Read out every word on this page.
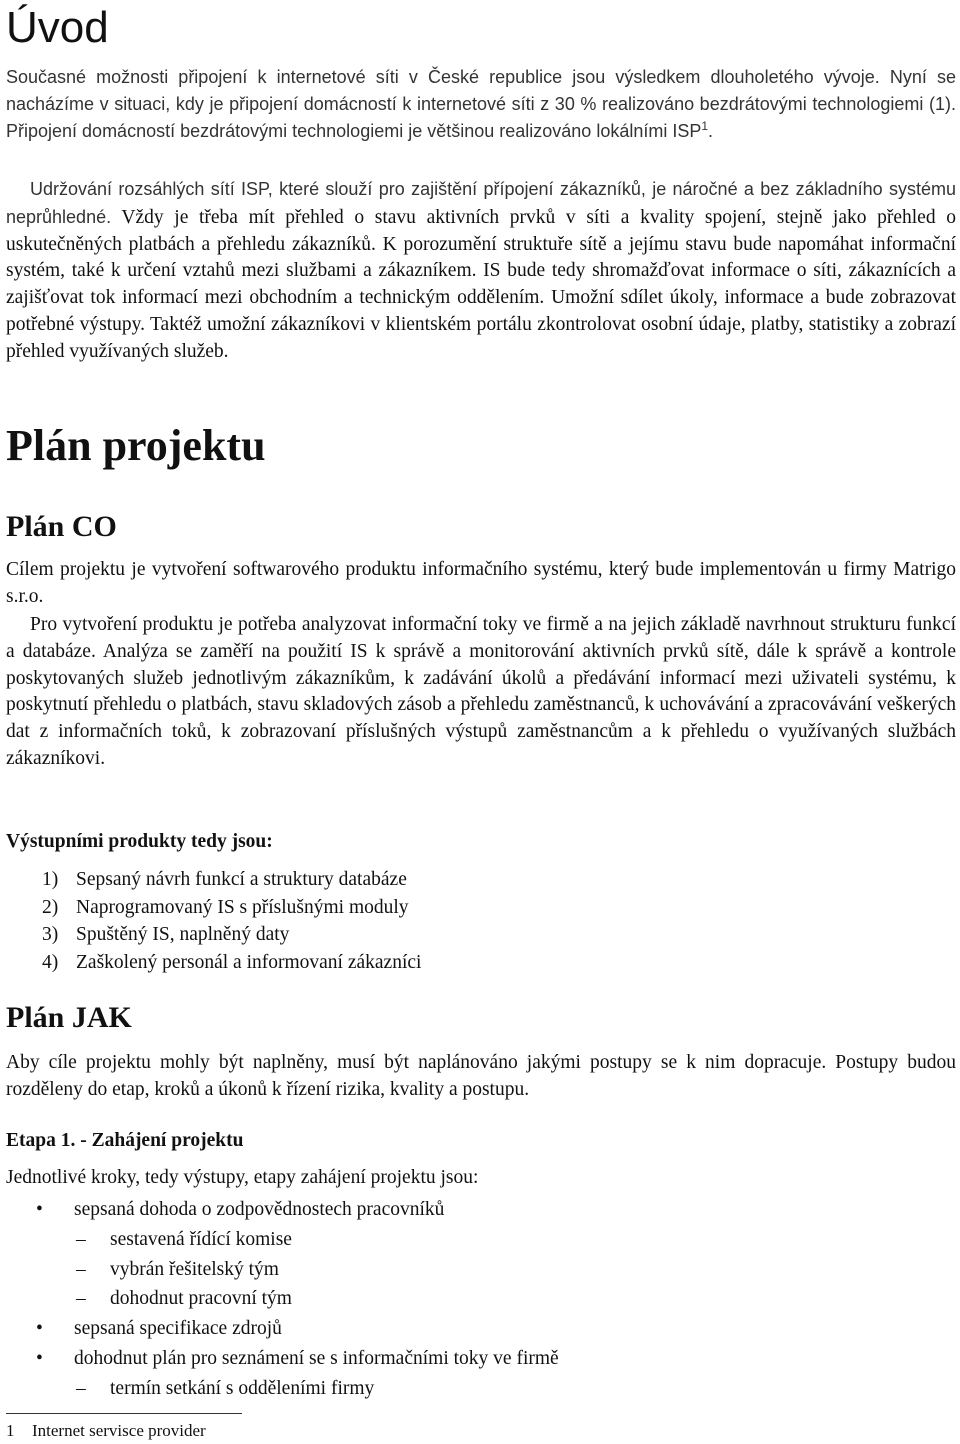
Úvod

Současné možnosti připojení k internetové síti v České republice jsou výsledkem dlouholetého vývoje. Nyní se nacházíme v situaci, kdy je připojení domácností k internetové síti z 30 % realizováno bezdrátovými technologiemi (1). Připojení domácností bezdrátovými technologiemi je většinou realizováno lokálními ISP$^1$.

Udržování rozsáhlých sítí ISP, které slouží pro zajištění přípojení zákazníků, je náročné a bez základního systému neprůhledné. Vždy je třeba mít přehled o stavu aktivních prvků v síti a kvality spojení, stejně jako přehled o uskutečněných platbách a přehledu zákazníků. K porozumění struktuře sítě a jejímu stavu bude napomáhat informační systém, také k určení vztahů mezi službami a zákazníkem. IS bude tedy shromažďovat informace o síti, zákaznících a zajišťovat tok informací mezi obchodním a technickým oddělením. Umožní sdílet úkoly, informace a bude zobrazovat potřebné výstupy. Taktéž umožní zákazníkovi v klientském portálu zkontrolovat osobní údaje, platby, statistiky a zobrazí přehled využívaných služeb.

Plán projektu
Plán CO

Cílem projektu je vytvoření softwarového produktu informačního systému, který bude implementován u firmy Matrigo s.r.o.

Pro vytvoření produktu je potřeba analyzovat informační toky ve firmě a na jejich základě navrhnout strukturu funkcí a databáze. Analýza se zaměří na použití IS k správě a monitorování aktivních prvků sítě, dále k správě a kontrole poskytovaných služeb jednotlivým zákazníkům, k zadávání úkolů a předávání informací mezi uživateli systému, k poskytnutí přehledu o platbách, stavu skladových zásob a přehledu zaměstnanců, k uchovávání a zpracovávání veškerých dat z informačních toků, k zobrazovaní příslušných výstupů zaměstnancům a k přehledu o využívaných službách zákazníkovi.

Výstupními produkty tedy jsou:

1) Sepsaný návrh funkcí a struktury databáze
2) Naprogramovaný IS s příslušnými moduly
3) Spuštěný IS, naplněný daty
4) Zaškolený personál a informovaní zákazníci
Plán JAK

Aby cíle projektu mohly být naplněny, musí být naplánováno jakými postupy se k nim dopracuje. Postupy budou rozděleny do etap, kroků a úkonů k řízení rizika, kvality a postupu.

Etapa 1. - Zahájení projektu

Jednotlivé kroky, tedy výstupy, etapy zahájení projektu jsou:

• sepsaná dohoda o zodpovědnostech pracovníků
– sestavená řídící komise
– vybrán řešitelský tým
– dohodnut pracovní tým
• sepsaná specifikace zdrojů
• dohodnut plán pro seznámení se s informačními toky ve firmě
– termín setkání s odděleními firmy

1 Internet servisce provider
